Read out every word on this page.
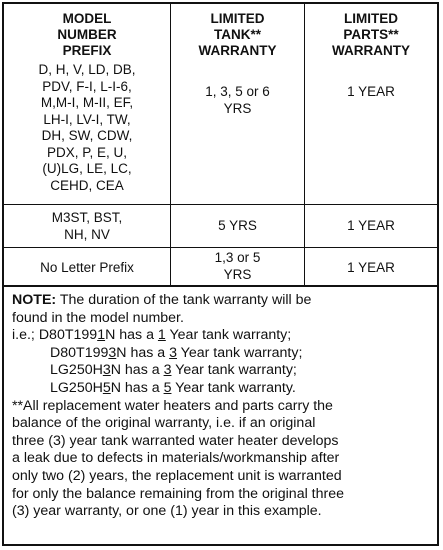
MODEL
NUMBER
PREFIX
LIMITED
TANK**
WARRANTY
LIMITED
PARTS**
WARRANTY
D, H, V, LD, DB,
PDV, F-I, L-I-6,
M,M-I, M-II, EF,
LH-I, LV-I, TW,
DH, SW, CDW,
PDX, P, E, U,
(U)LG, LE, LC,
CEHD, CEA
1, 3, 5 or 6
YRS
1 YEAR
M3ST, BST,
NH, NV
5 YRS	1 YEAR
No Letter Prefix
1,3 or 5
YRS	1 YEAR
NOTE: The duration of the tank warranty will be
found in the model number.
i.e.; D80T1991N has a 1 Year tank warranty;
D80T1993N has a 3 Year tank warranty;
LG250H3N has a 3 Year tank warranty;
LG250H5N has a 5 Year tank warranty.
**All replacement water heaters and parts carry the
balance of the original warranty, i.e. if an original
three (3) year tank warranted water heater develops
a leak due to defects in materials/workmanship after
only two (2) years, the replacement unit is warranted
for only the balance remaining from the original three
(3) year warranty, or one (1) year in this example.
